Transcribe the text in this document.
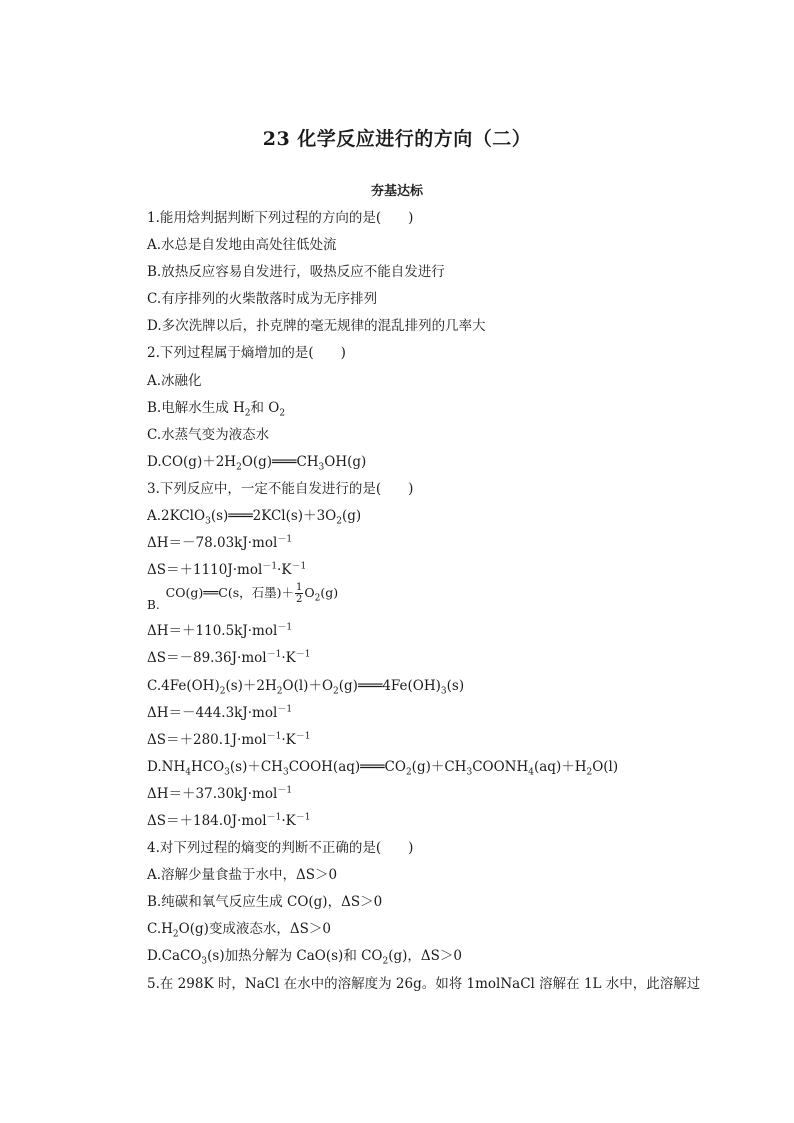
23 化学反应进行的方向（二）
夯基达标
1.能用焓判据判断下列过程的方向的是(　　)
A.水总是自发地由高处往低处流
B.放热反应容易自发进行，吸热反应不能自发进行
C.有序排列的火柴散落时成为无序排列
D.多次洗牌以后，扑克牌的毫无规律的混乱排列的几率大
2.下列过程属于熵增加的是(　　)
A.冰融化
B.电解水生成 $H_2$和 $O_2$
C.水蒸气变为液态水
$D.CO(g)+2H_2O(g)═══CH_3OH(g)$
3.下列反应中，一定不能自发进行的是(　　)
$A.2KClO_3(s)═══2KCl(s)+3O_2(g)$
ΔH＝－78.03kJ·mol$^{-1}$
$\Delta S=+1110J\cdot mol^{-1}\cdot K^{-1}$
B.CO(g)══C(s，石墨)＋ $\frac{1}{2} O_2(g)$
ΔH＝＋110.5kJ·mol$^{-1}$
$\Delta S=-89.36J\cdot mol^{-1}\cdot K^{-1}$
$C.4Fe(OH)_2(s)+2H_2O(l)+O_2(g)═══4Fe(OH)_3(s)$
ΔH＝－444.3kJ·mol$^{-1}$
$\Delta S=+280.1J\cdot mol^{-1}\cdot K^{-1}$
$D.NH_4HCO_3(s)+CH_3COOH(aq)═══CO_2(g)+CH_3COONH_4(aq)+H_2O(l)$
ΔH＝＋37.30kJ·mol$^{-1}$
$\Delta S=+184.0J\cdot mol^{-1}\cdot K^{-1}$
4.对下列过程的熵变的判断不正确的是(　　)
A.溶解少量食盐于水中，ΔS＞0
B.纯碳和氧气反应生成 CO(g)，ΔS＞0
$C.H_2O(g)$变成液态水，ΔS＞0
D.CaCO$_3$(s)加热分解为 CaO(s)和 $CO_2(g)$，ΔS＞0
5.在 298K 时，NaCl 在水中的溶解度为 26g。如将 1molNaCl 溶解在 1L 水中，此溶解过
